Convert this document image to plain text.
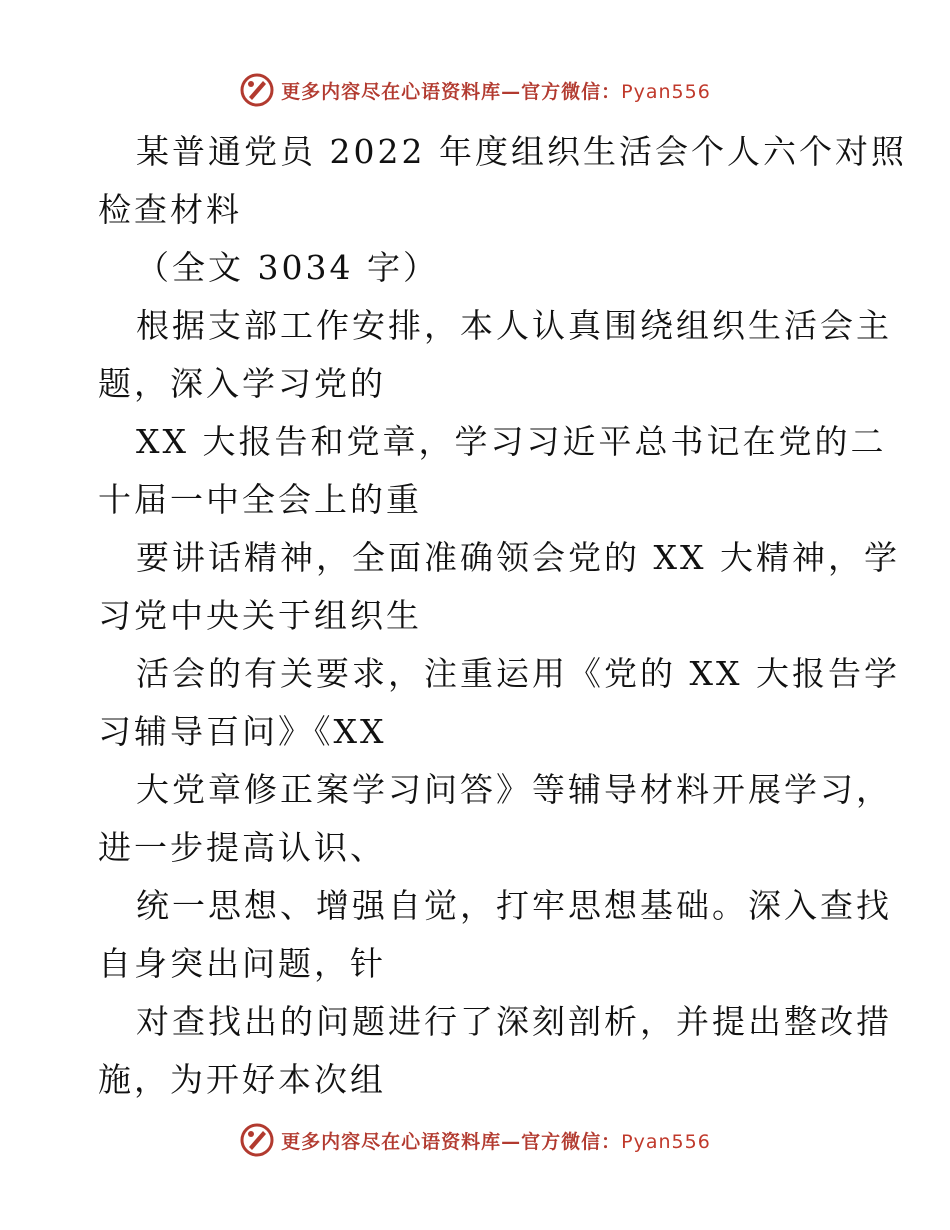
更多内容尽在心语资料库—官方微信：Pyan556
某普通党员 2022 年度组织生活会个人六个对照
检查材料
（全文 3034 字）
根据支部工作安排，本人认真围绕组织生活会主
题，深入学习党的
XX 大报告和党章，学习习近平总书记在党的二
十届一中全会上的重
要讲话精神，全面准确领会党的 XX 大精神，学
习党中央关于组织生
活会的有关要求，注重运用《党的 XX 大报告学
习辅导百问》《XX
大党章修正案学习问答》等辅导材料开展学习，
进一步提高认识、
统一思想、增强自觉，打牢思想基础。深入查找
自身突出问题，针
对查找出的问题进行了深刻剖析，并提出整改措
施，为开好本次组
更多内容尽在心语资料库—官方微信：Pyan556
